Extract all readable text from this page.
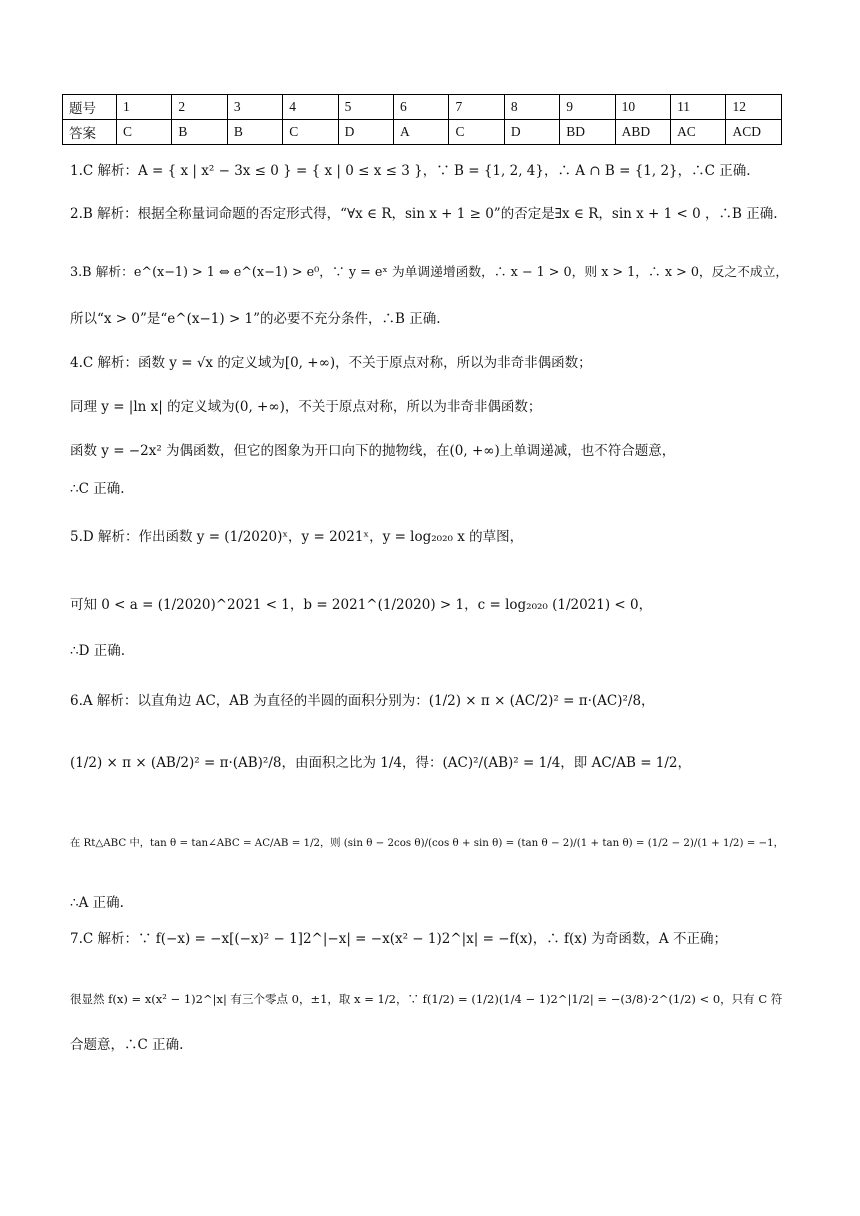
题号	1	2	3	4	5	6	7	8	9	10	11	12
答案	C	B	B	C	D	A	C	D	BD	ABD	AC	ACD
1.C 解析：A = { x | x² − 3x ≤ 0 } = { x | 0 ≤ x ≤ 3 }，∵ B = {1, 2, 4}，∴ A ∩ B = {1, 2}，∴C 正确.
2.B 解析：根据全称量词命题的否定形式得，“∀x ∈ R，sin x + 1 ≥ 0”的否定是∃x ∈ R，sin x + 1 < 0 ，∴B 正确.
3.B 解析：e^(x−1) > 1 ⇔ e^(x−1) > e⁰，∵ y = eˣ 为单调递增函数，∴ x − 1 > 0，则 x > 1，∴ x > 0，反之不成立，
所以“x > 0”是“e^(x−1) > 1”的必要不充分条件，∴B 正确.
4.C 解析：函数 y = √x 的定义域为[0, +∞)，不关于原点对称，所以为非奇非偶函数；
同理 y = |ln x| 的定义域为(0, +∞)，不关于原点对称，所以为非奇非偶函数；
函数 y = −2x² 为偶函数，但它的图象为开口向下的抛物线，在(0, +∞)上单调递减，也不符合题意，
∴C 正确.
5.D 解析：作出函数 y = (1/2020)ˣ，y = 2021ˣ，y = log₂₀₂₀ x 的草图，
可知 0 < a = (1/2020)^2021 < 1，b = 2021^(1/2020) > 1，c = log₂₀₂₀ (1/2021) < 0，
∴D 正确.
6.A 解析：以直角边 AC，AB 为直径的半圆的面积分别为：(1/2) × π × (AC/2)² = π·(AC)²/8，
(1/2) × π × (AB/2)² = π·(AB)²/8，由面积之比为 1/4，得：(AC)²/(AB)² = 1/4，即 AC/AB = 1/2，
在 Rt△ABC 中，tan θ = tan∠ABC = AC/AB = 1/2，则 (sin θ − 2cos θ)/(cos θ + sin θ) = (tan θ − 2)/(1 + tan θ) = (1/2 − 2)/(1 + 1/2) = −1，
∴A 正确.
7.C 解析：∵ f(−x) = −x[(−x)² − 1]2^|−x| = −x(x² − 1)2^|x| = −f(x)，∴ f(x) 为奇函数，A 不正确；
很显然 f(x) = x(x² − 1)2^|x| 有三个零点 0，±1，取 x = 1/2，∵ f(1/2) = (1/2)(1/4 − 1)2^|1/2| = −(3/8)·2^(1/2) < 0，只有 C 符
合题意，∴C 正确.
